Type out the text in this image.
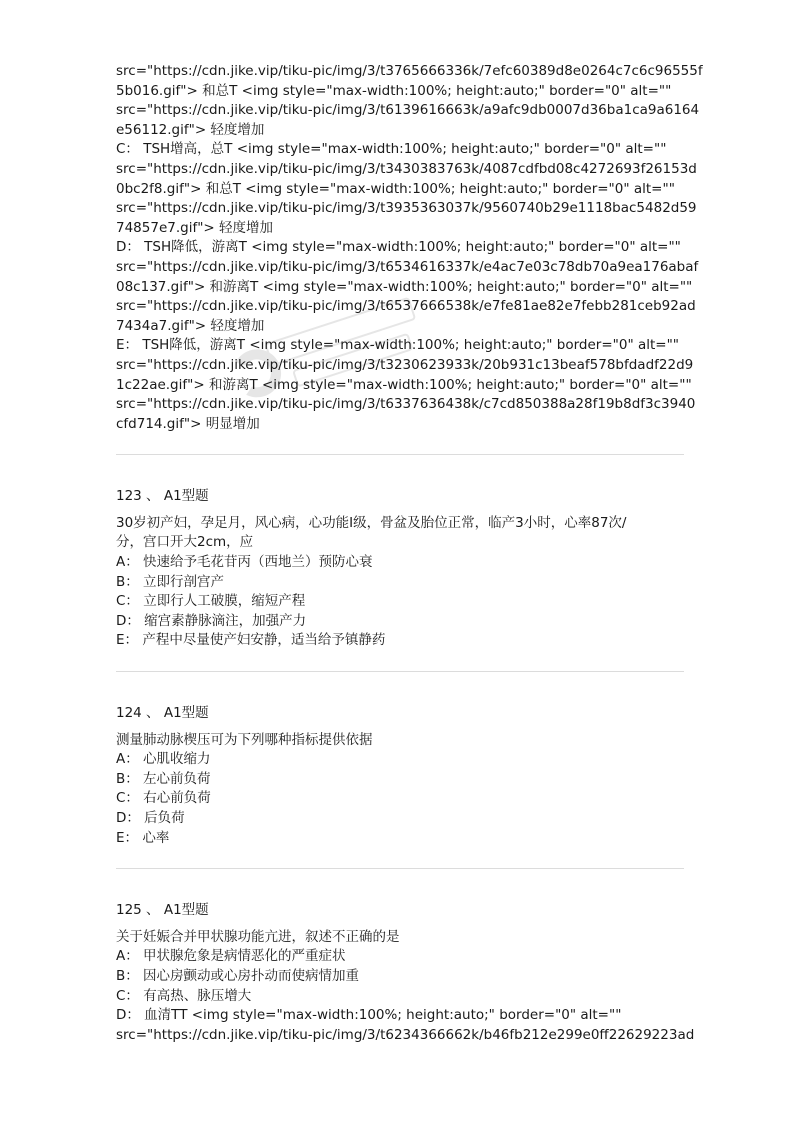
src="https://cdn.jike.vip/tiku-pic/img/3/t3765666336k/7efc60389d8e0264c7c6c96555f
5b016.gif"> 和总T <img style="max-width:100%; height:auto;" border="0" alt=""
src="https://cdn.jike.vip/tiku-pic/img/3/t6139616663k/a9afc9db0007d36ba1ca9a6164
e56112.gif"> 轻度增加
C： TSH增高，总T <img style="max-width:100%; height:auto;" border="0" alt=""
src="https://cdn.jike.vip/tiku-pic/img/3/t3430383763k/4087cdfbd08c4272693f26153d
0bc2f8.gif"> 和总T <img style="max-width:100%; height:auto;" border="0" alt=""
src="https://cdn.jike.vip/tiku-pic/img/3/t3935363037k/9560740b29e1118bac5482d59
74857e7.gif"> 轻度增加
D： TSH降低，游离T <img style="max-width:100%; height:auto;" border="0" alt=""
src="https://cdn.jike.vip/tiku-pic/img/3/t6534616337k/e4ac7e03c78db70a9ea176abaf
08c137.gif"> 和游离T <img style="max-width:100%; height:auto;" border="0" alt=""
src="https://cdn.jike.vip/tiku-pic/img/3/t6537666538k/e7fe81ae82e7febb281ceb92ad
7434a7.gif"> 轻度增加
E： TSH降低，游离T <img style="max-width:100%; height:auto;" border="0" alt=""
src="https://cdn.jike.vip/tiku-pic/img/3/t3230623933k/20b931c13beaf578bfdadf22d9
1c22ae.gif"> 和游离T <img style="max-width:100%; height:auto;" border="0" alt=""
src="https://cdn.jike.vip/tiku-pic/img/3/t6337636438k/c7cd850388a28f19b8df3c3940
cfd714.gif"> 明显增加
123 、 A1型题
30岁初产妇，孕足月，风心病，心功能Ⅰ级，骨盆及胎位正常，临产3小时，心率87次/
分，宫口开大2cm，应
A： 快速给予毛花苷丙（西地兰）预防心衰
B： 立即行剖宫产
C： 立即行人工破膜，缩短产程
D： 缩宫素静脉滴注，加强产力
E： 产程中尽量使产妇安静，适当给予镇静药
124 、 A1型题
测量肺动脉楔压可为下列哪种指标提供依据
A： 心肌收缩力
B： 左心前负荷
C： 右心前负荷
D： 后负荷
E： 心率
125 、 A1型题
关于妊娠合并甲状腺功能亢进，叙述不正确的是
A： 甲状腺危象是病情恶化的严重症状
B： 因心房颤动或心房扑动而使病情加重
C： 有高热、脉压增大
D： 血清TT <img style="max-width:100%; height:auto;" border="0" alt=""
src="https://cdn.jike.vip/tiku-pic/img/3/t6234366662k/b46fb212e299e0ff22629223ad
